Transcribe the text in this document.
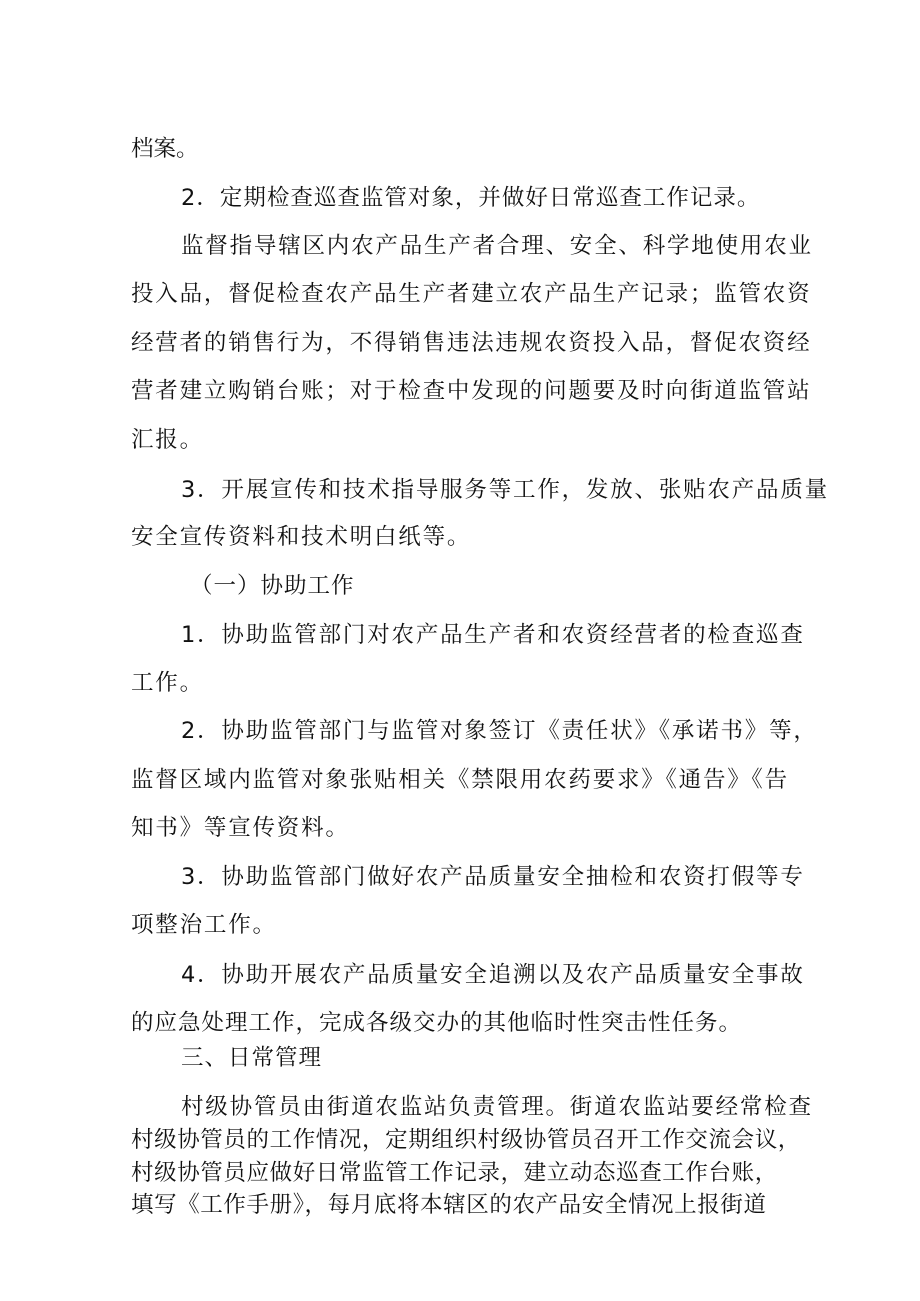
档案。

2．定期检查巡查监管对象，并做好日常巡查工作记录。

监督指导辖区内农产品生产者合理、安全、科学地使用农业

投入品，督促检查农产品生产者建立农产品生产记录；监管农资

经营者的销售行为，不得销售违法违规农资投入品，督促农资经

营者建立购销台账；对于检查中发现的问题要及时向街道监管站

汇报。

3．开展宣传和技术指导服务等工作，发放、张贴农产品质量

安全宣传资料和技术明白纸等。

（一）协助工作

1．协助监管部门对农产品生产者和农资经营者的检查巡查

工作。

2．协助监管部门与监管对象签订《责任状》《承诺书》等，

监督区域内监管对象张贴相关《禁限用农药要求》《通告》《告

知书》等宣传资料。

3．协助监管部门做好农产品质量安全抽检和农资打假等专

项整治工作。

4．协助开展农产品质量安全追溯以及农产品质量安全事故

的应急处理工作，完成各级交办的其他临时性突击性任务。

三、日常管理

村级协管员由街道农监站负责管理。街道农监站要经常检查

村级协管员的工作情况，定期组织村级协管员召开工作交流会议，

村级协管员应做好日常监管工作记录，建立动态巡查工作台账，

填写《工作手册》，每月底将本辖区的农产品安全情况上报街道
